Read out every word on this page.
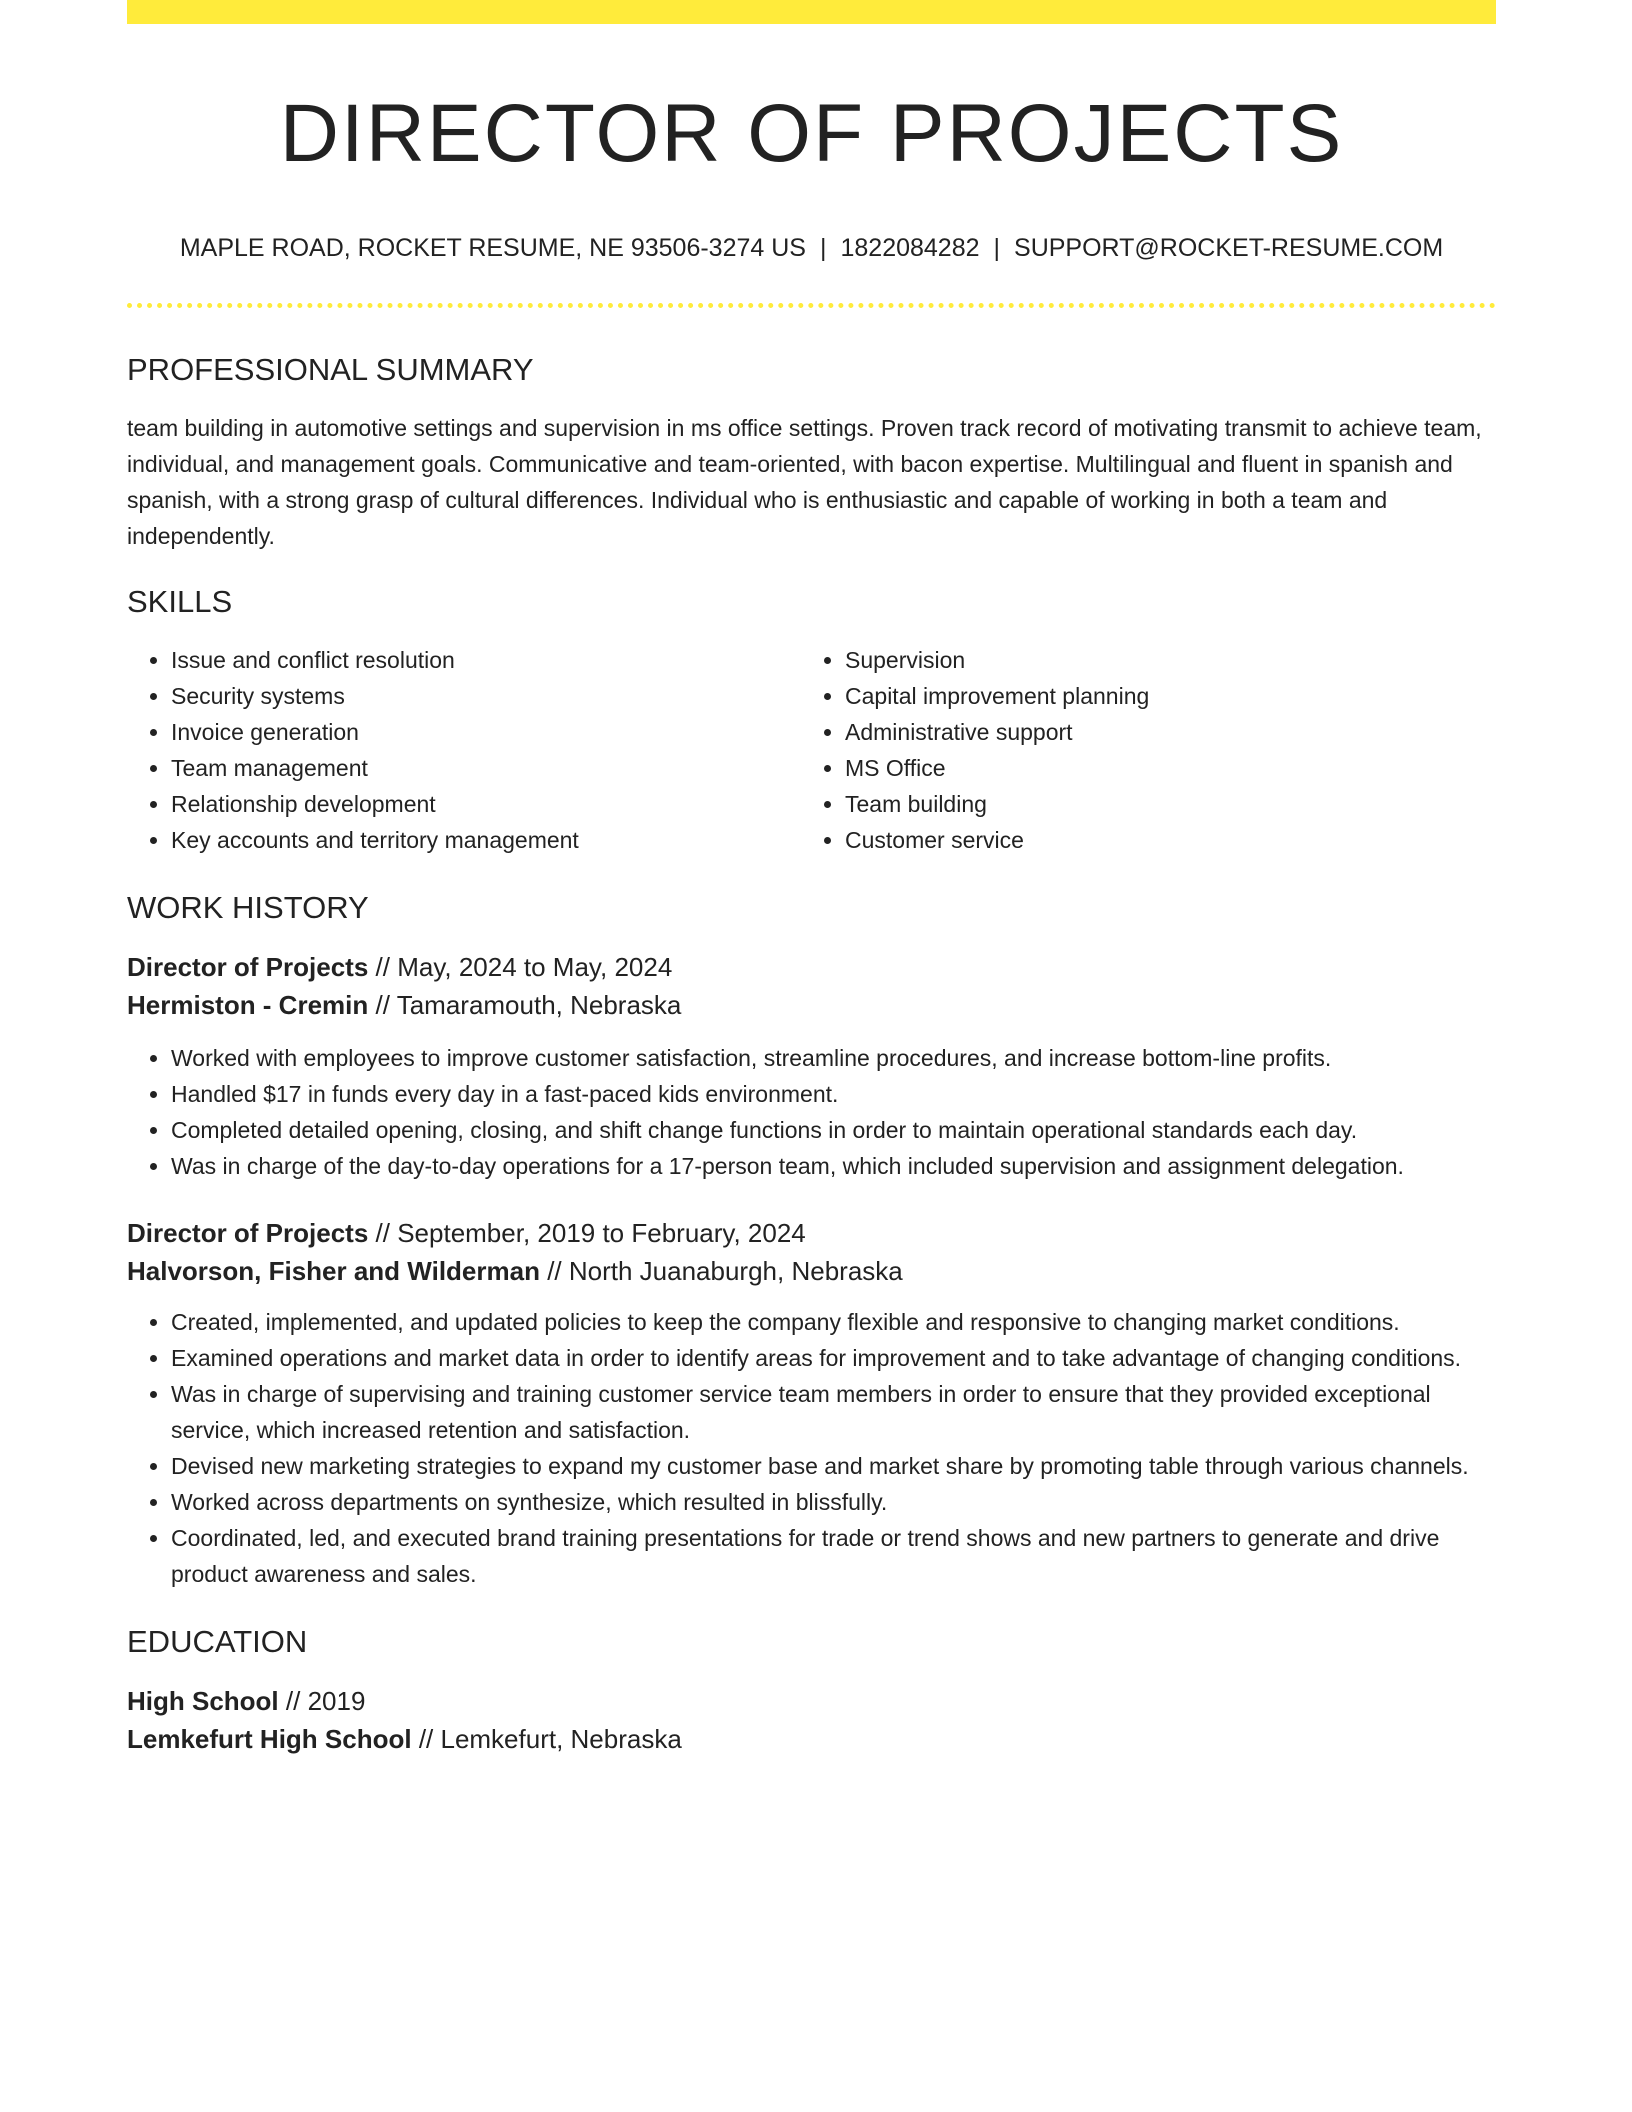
DIRECTOR OF PROJECTS
MAPLE ROAD, ROCKET RESUME, NE 93506-3274 US | 1822084282 | SUPPORT@ROCKET-RESUME.COM
PROFESSIONAL SUMMARY

team building in automotive settings and supervision in ms office settings. Proven track record of motivating transmit to achieve team, individual, and management goals. Communicative and team-oriented, with bacon expertise. Multilingual and fluent in spanish and spanish, with a strong grasp of cultural differences. Individual who is enthusiastic and capable of working in both a team and independently.

SKILLS
• Issue and conflict resolution
• Security systems
• Invoice generation
• Team management
• Relationship development
• Key accounts and territory management
• Supervision
• Capital improvement planning
• Administrative support
• MS Office
• Team building
• Customer service
WORK HISTORY

Director of Projects // May, 2024 to May, 2024

Hermiston - Cremin // Tamaramouth, Nebraska

• Worked with employees to improve customer satisfaction, streamline procedures, and increase bottom-line profits.
• Handled $17 in funds every day in a fast-paced kids environment.
• Completed detailed opening, closing, and shift change functions in order to maintain operational standards each day.
• Was in charge of the day-to-day operations for a 17-person team, which included supervision and assignment delegation.

Director of Projects // September, 2019 to February, 2024

Halvorson, Fisher and Wilderman // North Juanaburgh, Nebraska

• Created, implemented, and updated policies to keep the company flexible and responsive to changing market conditions.
• Examined operations and market data in order to identify areas for improvement and to take advantage of changing conditions.
• Was in charge of supervising and training customer service team members in order to ensure that they provided exceptional service, which increased retention and satisfaction.
• Devised new marketing strategies to expand my customer base and market share by promoting table through various channels.
• Worked across departments on synthesize, which resulted in blissfully.
• Coordinated, led, and executed brand training presentations for trade or trend shows and new partners to generate and drive product awareness and sales.
EDUCATION

High School // 2019

Lemkefurt High School // Lemkefurt, Nebraska
